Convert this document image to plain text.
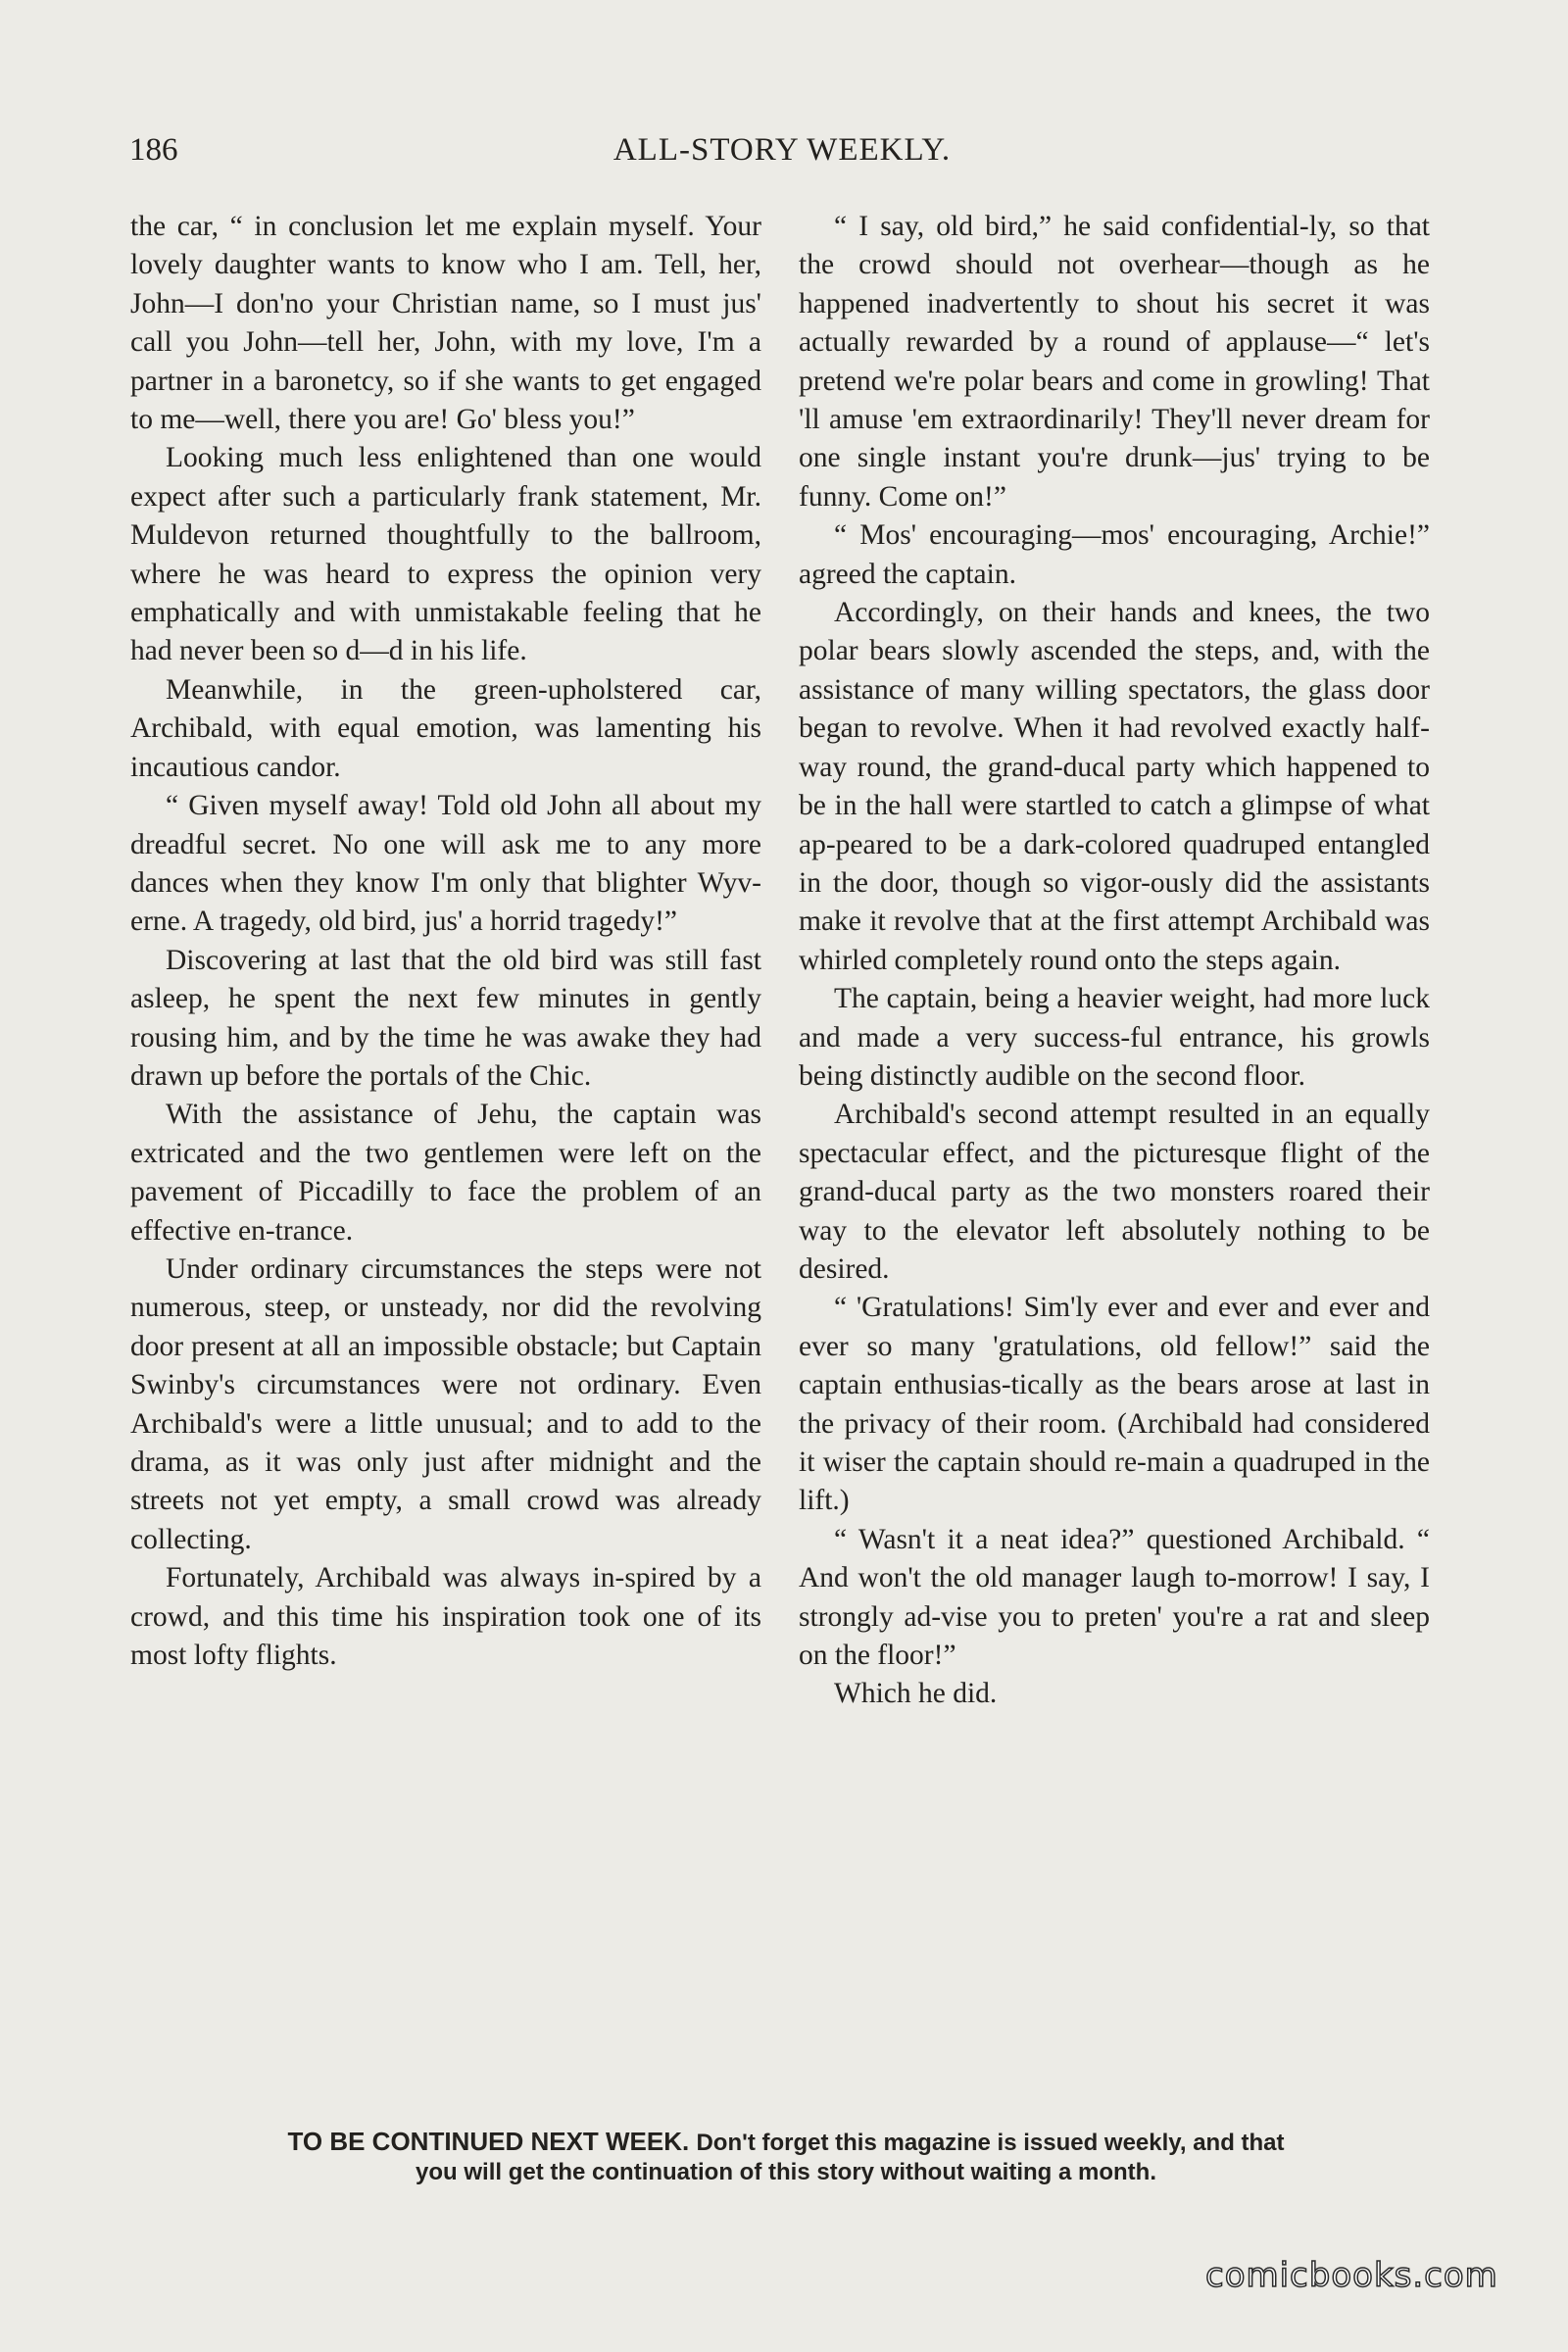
186	ALL-STORY WEEKLY.

the car, “ in conclusion let me explain myself. Your lovely daughter wants to know who I am. Tell, her, John—I don'no your Christian name, so I must jus' call you John—tell her, John, with my love, I'm a partner in a baronetcy, so if she wants to get engaged to me—well, there you are! Go' bless you!”

Looking much less enlightened than one would expect after such a particularly frank statement, Mr. Muldevon returned thoughtfully to the ballroom, where he was heard to express the opinion very emphatically and with unmistakable feeling that he had never been so d—d in his life.

Meanwhile, in the green-upholstered car, Archibald, with equal emotion, was lamenting his incautious candor.

“ Given myself away! Told old John all about my dreadful secret. No one will ask me to any more dances when they know I'm only that blighter Wyv-erne. A tragedy, old bird, jus' a horrid tragedy!”

Discovering at last that the old bird was still fast asleep, he spent the next few minutes in gently rousing him, and by the time he was awake they had drawn up before the portals of the Chic.

With the assistance of Jehu, the captain was extricated and the two gentlemen were left on the pavement of Piccadilly to face the problem of an effective en-trance.

Under ordinary circumstances the steps were not numerous, steep, or unsteady, nor did the revolving door present at all an impossible obstacle; but Captain Swinby's circumstances were not ordinary. Even Archibald's were a little unusual; and to add to the drama, as it was only just after midnight and the streets not yet empty, a small crowd was already collecting.

Fortunately, Archibald was always in-spired by a crowd, and this time his inspiration took one of its most lofty flights.

“ I say, old bird,” he said confidential-ly, so that the crowd should not overhear—though as he happened inadvertently to shout his secret it was actually rewarded by a round of applause—“ let's pretend we're polar bears and come in growling! That 'll amuse 'em extraordinarily! They'll never dream for one single instant you're drunk—jus' trying to be funny. Come on!”

“ Mos' encouraging—mos' encouraging, Archie!” agreed the captain.

Accordingly, on their hands and knees, the two polar bears slowly ascended the steps, and, with the assistance of many willing spectators, the glass door began to revolve. When it had revolved exactly half-way round, the grand-ducal party which happened to be in the hall were startled to catch a glimpse of what ap-peared to be a dark-colored quadruped entangled in the door, though so vigor-ously did the assistants make it revolve that at the first attempt Archibald was whirled completely round onto the steps again.

The captain, being a heavier weight, had more luck and made a very success-ful entrance, his growls being distinctly audible on the second floor.

Archibald's second attempt resulted in an equally spectacular effect, and the picturesque flight of the grand-ducal party as the two monsters roared their way to the elevator left absolutely nothing to be desired.

“ 'Gratulations! Sim'ly ever and ever and ever and ever so many 'gratulations, old fellow!” said the captain enthusias-tically as the bears arose at last in the privacy of their room. (Archibald had considered it wiser the captain should re-main a quadruped in the lift.)

“ Wasn't it a neat idea?” questioned Archibald. “ And won't the old manager laugh to-morrow! I say, I strongly ad-vise you to preten' you're a rat and sleep on the floor!”

Which he did.

TO BE CONTINUED NEXT WEEK. Don't forget this magazine is issued weekly, and that
you will get the continuation of this story without waiting a month.
comicbooks.com
